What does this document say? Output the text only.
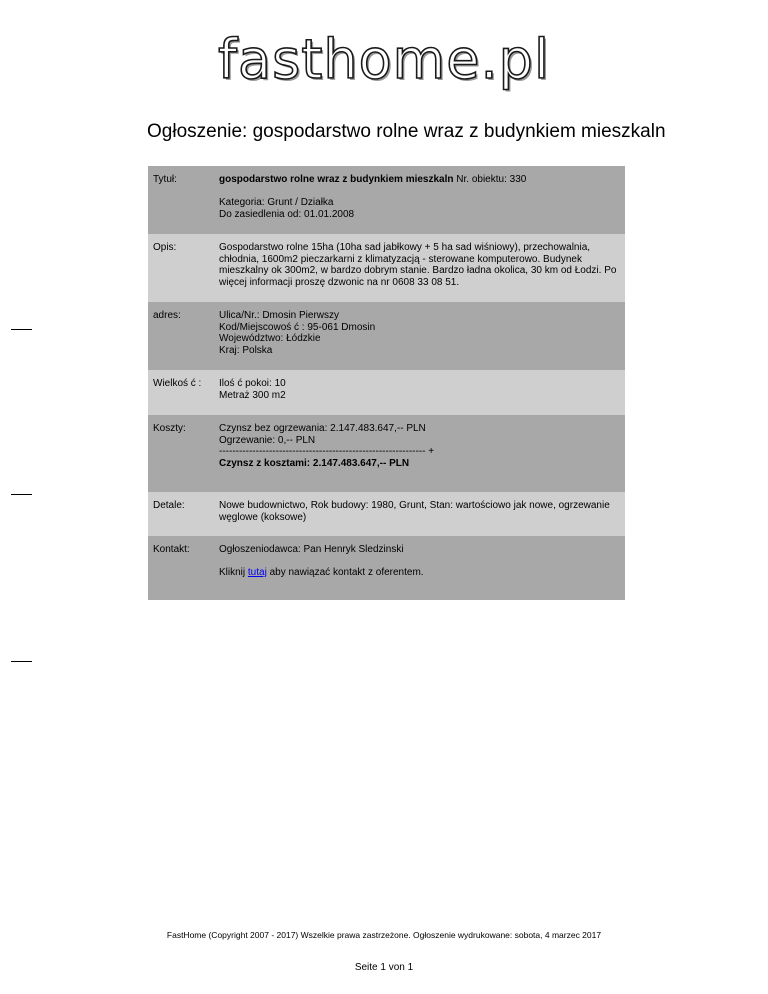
fasthome.pl
Ogłoszenie: gospodarstwo rolne wraz z budynkiem mieszkaln
Tytuł:	gospodarstwo rolne wraz z budynkiem mieszkaln Nr. obiektu: 330

Kategoria: Grunt / Działka

Do zasiedlenia od: 01.01.2008

Opis:	Gospodarstwo rolne 15ha (10ha sad jabłkowy + 5 ha sad wiśniowy), przechowalnia, chłodnia, 1600m2 pieczarkarni z klimatyzacją - sterowane komputerowo. Budynek mieszkalny ok 300m2, w bardzo dobrym stanie. Bardzo ładna okolica, 30 km od Łodzi. Po więcej informacji proszę dzwonic na nr 0608 33 08 51.

adres:	Ulica/Nr.: Dmosin Pierwszy

Kod/Miejscowoś ć : 95-061 Dmosin

Województwo: Łódzkie

Kraj: Polska

Wielkoś ć : Iloś ć pokoi: 10

Metraż 300 m2

Koszty:	Czynsz bez ogrzewania: 2.147.483.647,-- PLN

Ogrzewanie: 0,-- PLN

-------------------------------------------------------------- +

Czynsz z kosztami: 2.147.483.647,-- PLN

Detale:	Nowe budownictwo, Rok budowy: 1980, Grunt, Stan: wartościowo jak nowe, ogrzewanie węglowe (koksowe)

Kontakt:	Ogłoszeniodawca: Pan Henryk Sledzinski

Kliknij tutaj aby nawiązać kontakt z oferentem.

FastHome (Copyright 2007 - 2017) Wszelkie prawa zastrzeżone. Ogłoszenie wydrukowane: sobota, 4 marzec 2017
Seite 1 von 1
